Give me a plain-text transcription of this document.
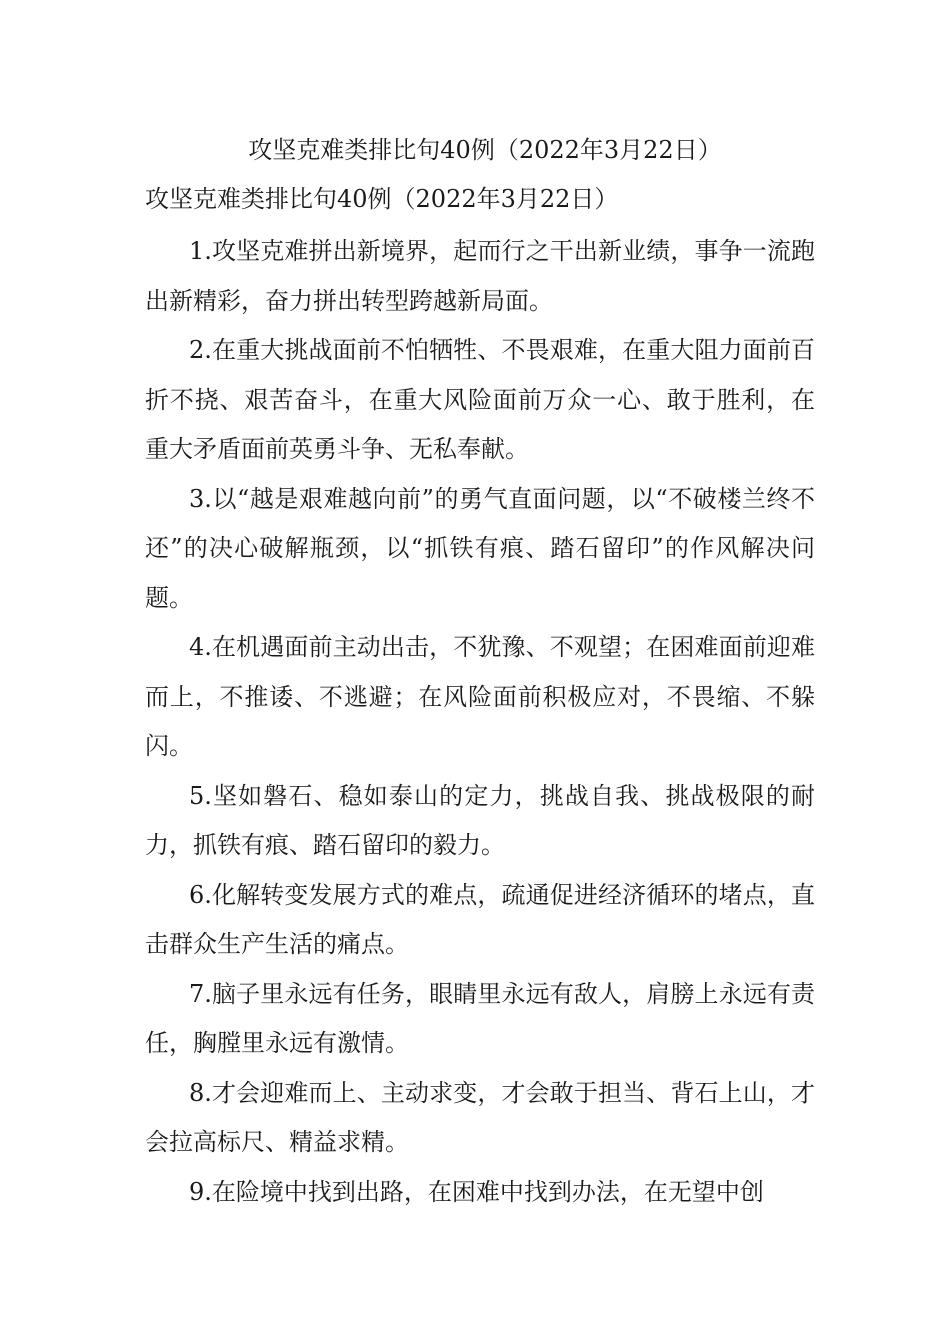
攻坚克难类排比句40例（2022年3月22日）
攻坚克难类排比句40例（2022年3月22日）

1.攻坚克难拼出新境界，起而行之干出新业绩，事争一流跑出新精彩，奋力拼出转型跨越新局面。

2.在重大挑战面前不怕牺牲、不畏艰难，在重大阻力面前百折不挠、艰苦奋斗，在重大风险面前万众一心、敢于胜利，在重大矛盾面前英勇斗争、无私奉献。

3.以“越是艰难越向前”的勇气直面问题，以“不破楼兰终不还”的决心破解瓶颈，以“抓铁有痕、踏石留印”的作风解决问题。

4.在机遇面前主动出击，不犹豫、不观望；在困难面前迎难而上，不推诿、不逃避；在风险面前积极应对，不畏缩、不躲闪。

5.坚如磐石、稳如泰山的定力，挑战自我、挑战极限的耐力，抓铁有痕、踏石留印的毅力。

6.化解转变发展方式的难点，疏通促进经济循环的堵点，直击群众生产生活的痛点。

7.脑子里永远有任务，眼睛里永远有敌人，肩膀上永远有责任，胸膛里永远有激情。

8.才会迎难而上、主动求变，才会敢于担当、背石上山，才会拉高标尺、精益求精。

9.在险境中找到出路，在困难中找到办法，在无望中创
